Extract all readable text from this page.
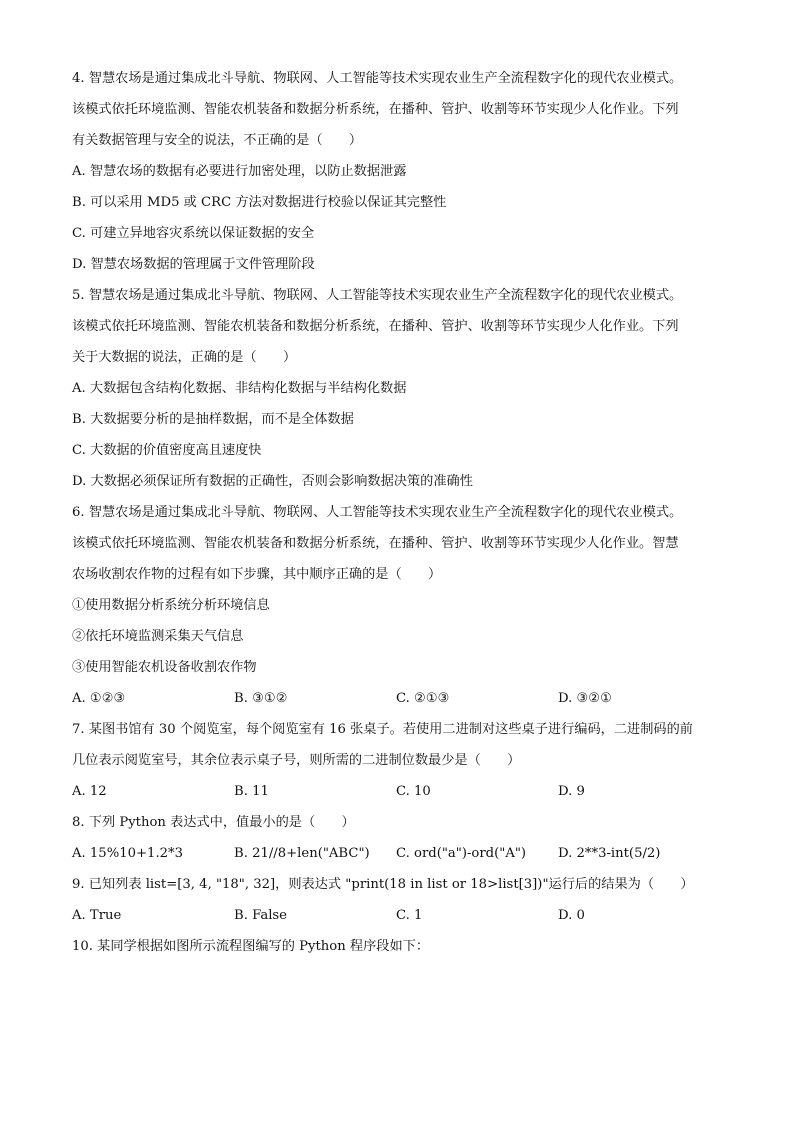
4. 智慧农场是通过集成北斗导航、物联网、人工智能等技术实现农业生产全流程数字化的现代农业模式。
该模式依托环境监测、智能农机装备和数据分析系统，在播种、管护、收割等环节实现少人化作业。下列
有关数据管理与安全的说法，不正确的是（　　）
A. 智慧农场的数据有必要进行加密处理，以防止数据泄露
B. 可以采用 MD5 或 CRC 方法对数据进行校验以保证其完整性
C. 可建立异地容灾系统以保证数据的安全
D. 智慧农场数据的管理属于文件管理阶段
5. 智慧农场是通过集成北斗导航、物联网、人工智能等技术实现农业生产全流程数字化的现代农业模式。
该模式依托环境监测、智能农机装备和数据分析系统，在播种、管护、收割等环节实现少人化作业。下列
关于大数据的说法，正确的是（　　）
A. 大数据包含结构化数据、非结构化数据与半结构化数据
B. 大数据要分析的是抽样数据，而不是全体数据
C. 大数据的价值密度高且速度快
D. 大数据必须保证所有数据的正确性，否则会影响数据决策的准确性
6. 智慧农场是通过集成北斗导航、物联网、人工智能等技术实现农业生产全流程数字化的现代农业模式。
该模式依托环境监测、智能农机装备和数据分析系统，在播种、管护、收割等环节实现少人化作业。智慧
农场收割农作物的过程有如下步骤，其中顺序正确的是（　　）
①使用数据分析系统分析环境信息
②依托环境监测采集天气信息
③使用智能农机设备收割农作物
A. ①②③	B. ③①②	C. ②①③	D. ③②①
7. 某图书馆有 30 个阅览室，每个阅览室有 16 张桌子。若使用二进制对这些桌子进行编码，二进制码的前
几位表示阅览室号，其余位表示桌子号，则所需的二进制位数最少是（　　）
A. 12	B. 11	C. 10	D. 9
8. 下列 Python 表达式中，值最小的是（　　）
A. 15%10+1.2*3	B. 21//8+len("ABC")	C. ord("a")-ord("A")	D. 2**3-int(5/2)
9. 已知列表 list=[3, 4, "18", 32]，则表达式 "print(18 in list or 18>list[3])"运行后的结果为（　　）
A. True	B. False	C. 1	D. 0
10. 某同学根据如图所示流程图编写的 Python 程序段如下：
